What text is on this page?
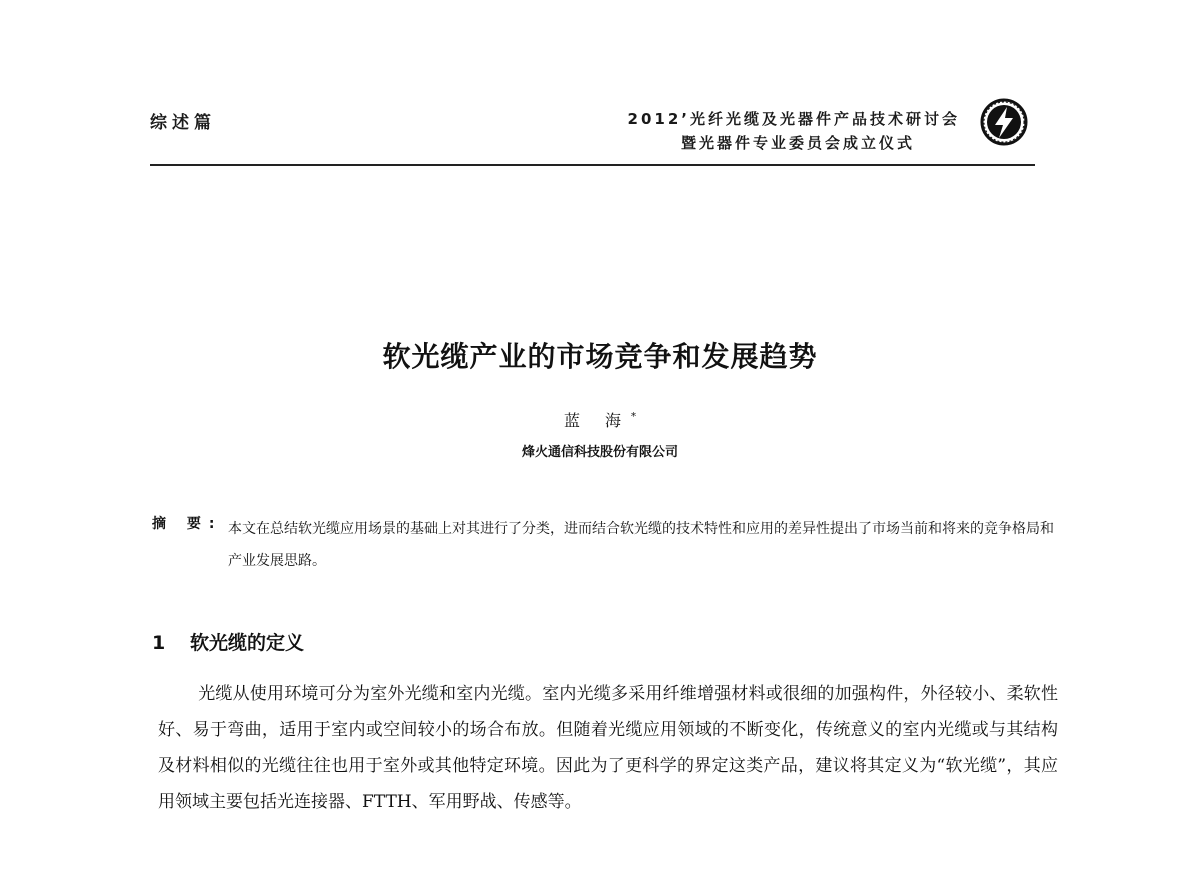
综述篇	2012’光纤光缆及光器件产品技术研讨会
暨光器件专业委员会成立仪式
软光缆产业的市场竞争和发展趋势
蓝 海*
烽火通信科技股份有限公司
摘 要: 本文在总结软光缆应用场景的基础上对其进行了分类，进而结合软光缆的技术特性和应用的差异性提出了市场当前和将来的竞争格局和产业发展思路。
1 软光缆的定义
光缆从使用环境可分为室外光缆和室内光缆。室内光缆多采用纤维增强材料或很细的加强构件，外径较小、柔软性好、易于弯曲，适用于室内或空间较小的场合布放。但随着光缆应用领域的不断变化，传统意义的室内光缆或与其结构及材料相似的光缆往往也用于室外或其他特定环境。因此为了更科学的界定这类产品，建议将其定义为“软光缆”，其应用领域主要包括光连接器、FTTH、军用野战、传感等。
